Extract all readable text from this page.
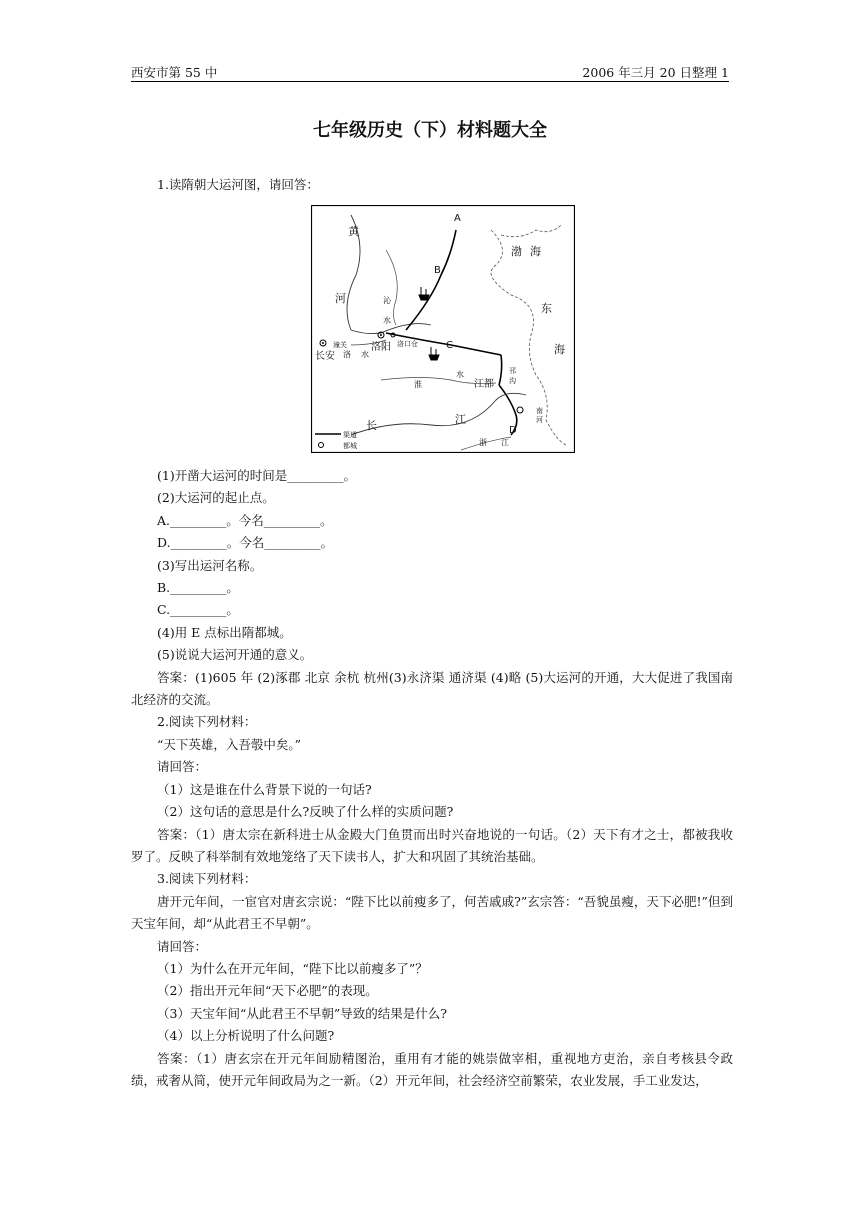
西安市第 55 中	2006 年三月 20 日整理 1
七年级历史（下）材料题大全
1.读隋朝大运河图，请回答：
黄
河
渤 海
东
海
A
B
C
D
沁
水
洛 水
潼关
长安
洛阳 洛口仓
淮
水
江都
邗
沟
长	江
浙 江
南
河
渠道
都城

(1)开凿大运河的时间是_________。

(2)大运河的起止点。

A._________。今名_________。

D._________。今名_________。

(3)写出运河名称。

B._________。

C._________。

(4)用 E 点标出隋都城。

(5)说说大运河开通的意义。

答案：(1)605 年 (2)涿郡 北京 余杭 杭州(3)永济渠 通济渠 (4)略 (5)大运河的开通，大大促进了我国南北经济的交流。

2.阅读下列材料：

“天下英雄，入吾彀中矣。”

请回答：

（1）这是谁在什么背景下说的一句话?

（2）这句话的意思是什么?反映了什么样的实质问题?

答案：（1）唐太宗在新科进士从金殿大门鱼贯而出时兴奋地说的一句话。（2）天下有才之士，都被我收罗了。反映了科举制有效地笼络了天下读书人，扩大和巩固了其统治基础。

3.阅读下列材料：

唐开元年间，一宦官对唐玄宗说：“陛下比以前瘦多了，何苦戚戚?”玄宗答：“吾貌虽瘦，天下必肥!”但到天宝年间，却“从此君王不早朝”。

请回答：

（1）为什么在开元年间，“陛下比以前瘦多了”？

（2）指出开元年间“天下必肥”的表现。

（3）天宝年间“从此君王不早朝”导致的结果是什么?

（4）以上分析说明了什么问题?

答案：（1）唐玄宗在开元年间励精图治，重用有才能的姚崇做宰相，重视地方吏治，亲自考核县令政绩，戒奢从简，使开元年间政局为之一新。（2）开元年间，社会经济空前繁荣，农业发展，手工业发达，
